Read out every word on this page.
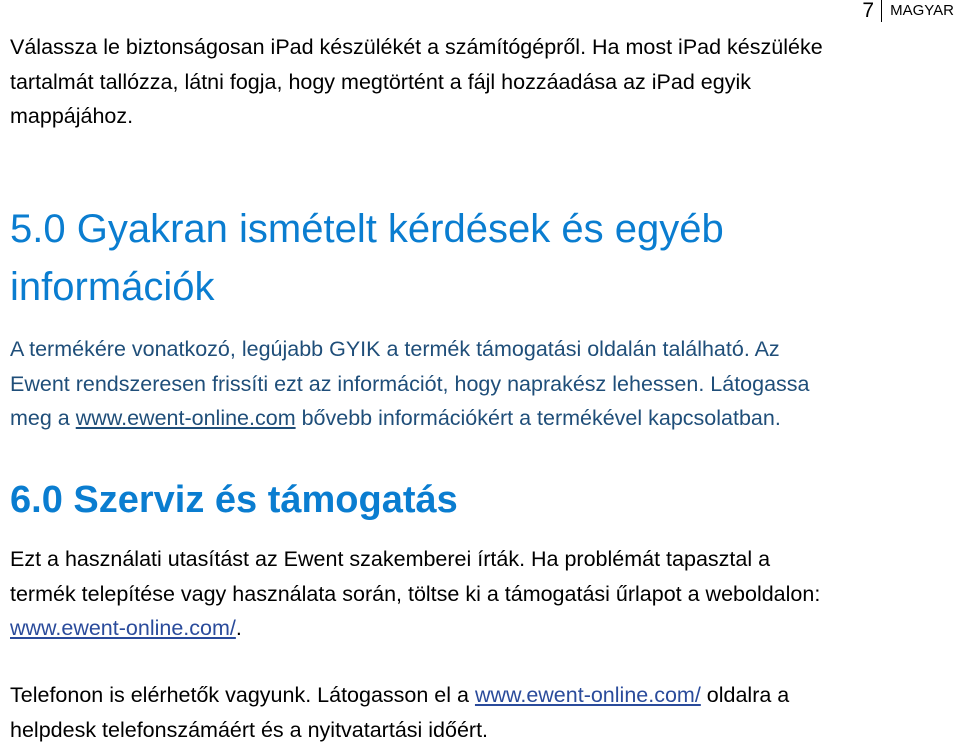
7	MAGYAR
Válassza le biztonságosan iPad készülékét a számítógépről. Ha most iPad készüléke
tartalmát tallózza, látni fogja, hogy megtörtént a fájl hozzáadása az iPad egyik
mappájához.
5.0 Gyakran ismételt kérdések és egyéb
információk
A termékére vonatkozó, legújabb GYIK a termék támogatási oldalán található. Az
Ewent rendszeresen frissíti ezt az információt, hogy naprakész lehessen. Látogassa
meg a www.ewent-online.com bővebb információkért a termékével kapcsolatban.
6.0 Szerviz és támogatás
Ezt a használati utasítást az Ewent szakemberei írták. Ha problémát tapasztal a
termék telepítése vagy használata során, töltse ki a támogatási űrlapot a weboldalon:
www.ewent-online.com/.
Telefonon is elérhetők vagyunk. Látogasson el a www.ewent-online.com/ oldalra a
helpdesk telefonszámáért és a nyitvatartási időért.
